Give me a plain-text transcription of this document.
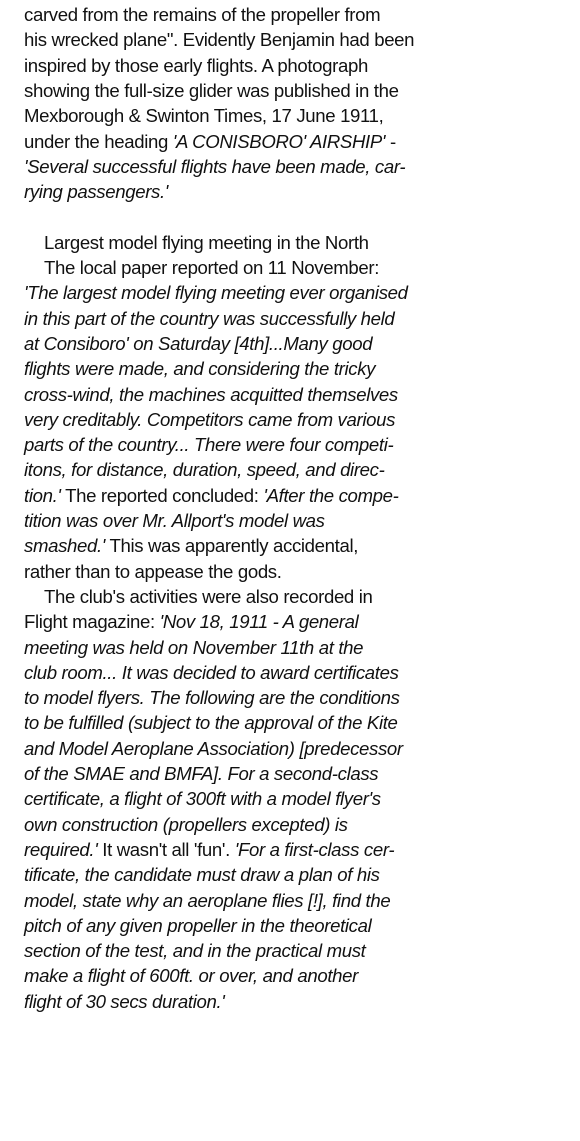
carved from the remains of the propeller from
his wrecked plane". Evidently Benjamin had been
inspired by those early flights. A photograph
showing the full-size glider was published in the
Mexborough & Swinton Times, 17 June 1911,
under the heading 'A CONISBORO' AIRSHIP' -
'Several successful flights have been made, car-
rying passengers.'
Largest model flying meeting in the North
The local paper reported on 11 November:
'The largest model flying meeting ever organised
in this part of the country was successfully held
at Consiboro' on Saturday [4th]...Many good
flights were made, and considering the tricky
cross-wind, the machines acquitted themselves
very creditably. Competitors came from various
parts of the country... There were four competi-
itons, for distance, duration, speed, and direc-
tion.' The reported concluded: 'After the compe-
tition was over Mr. Allport's model was
smashed.' This was apparently accidental,
rather than to appease the gods.
The club's activities were also recorded in
Flight magazine: 'Nov 18, 1911 - A general
meeting was held on November 11th at the
club room... It was decided to award certificates
to model flyers. The following are the conditions
to be fulfilled (subject to the approval of the Kite
and Model Aeroplane Association) [predecessor
of the SMAE and BMFA]. For a second-class
certificate, a flight of 300ft with a model flyer's
own construction (propellers excepted) is
required.' It wasn't all 'fun'. 'For a first-class cer-
tificate, the candidate must draw a plan of his
model, state why an aeroplane flies [!], find the
pitch of any given propeller in the theoretical
section of the test, and in the practical must
make a flight of 600ft. or over, and another
flight of 30 secs duration.'
